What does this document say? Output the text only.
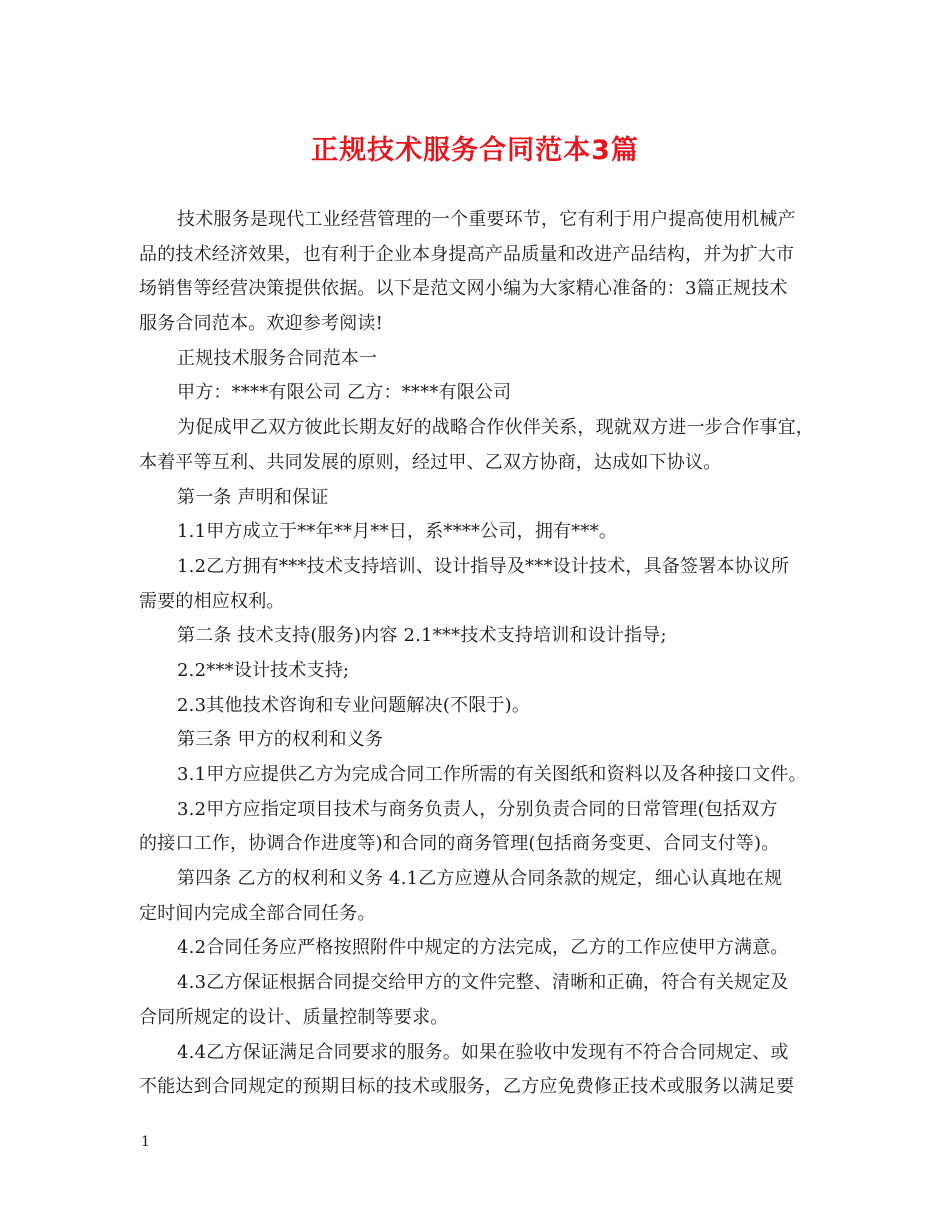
正规技术服务合同范本3篇
技术服务是现代工业经营管理的一个重要环节，它有利于用户提高使用机械产
品的技术经济效果，也有利于企业本身提高产品质量和改进产品结构，并为扩大市
场销售等经营决策提供依据。以下是范文网小编为大家精心准备的：3篇正规技术
服务合同范本。欢迎参考阅读!
正规技术服务合同范本一
甲方：****有限公司 乙方：****有限公司
为促成甲乙双方彼此长期友好的战略合作伙伴关系，现就双方进一步合作事宜，
本着平等互利、共同发展的原则，经过甲、乙双方协商，达成如下协议。
第一条 声明和保证
1.1甲方成立于**年**月**日，系****公司，拥有***。
1.2乙方拥有***技术支持培训、设计指导及***设计技术，具备签署本协议所
需要的相应权利。
第二条 技术支持(服务)内容 2.1***技术支持培训和设计指导;
2.2***设计技术支持;
2.3其他技术咨询和专业问题解决(不限于)。
第三条 甲方的权利和义务
3.1甲方应提供乙方为完成合同工作所需的有关图纸和资料以及各种接口文件。
3.2甲方应指定项目技术与商务负责人，分别负责合同的日常管理(包括双方
的接口工作，协调合作进度等)和合同的商务管理(包括商务变更、合同支付等)。
第四条 乙方的权利和义务 4.1乙方应遵从合同条款的规定，细心认真地在规
定时间内完成全部合同任务。
4.2合同任务应严格按照附件中规定的方法完成，乙方的工作应使甲方满意。
4.3乙方保证根据合同提交给甲方的文件完整、清晰和正确，符合有关规定及
合同所规定的设计、质量控制等要求。
4.4乙方保证满足合同要求的服务。如果在验收中发现有不符合合同规定、或
不能达到合同规定的预期目标的技术或服务，乙方应免费修正技术或服务以满足要
1
